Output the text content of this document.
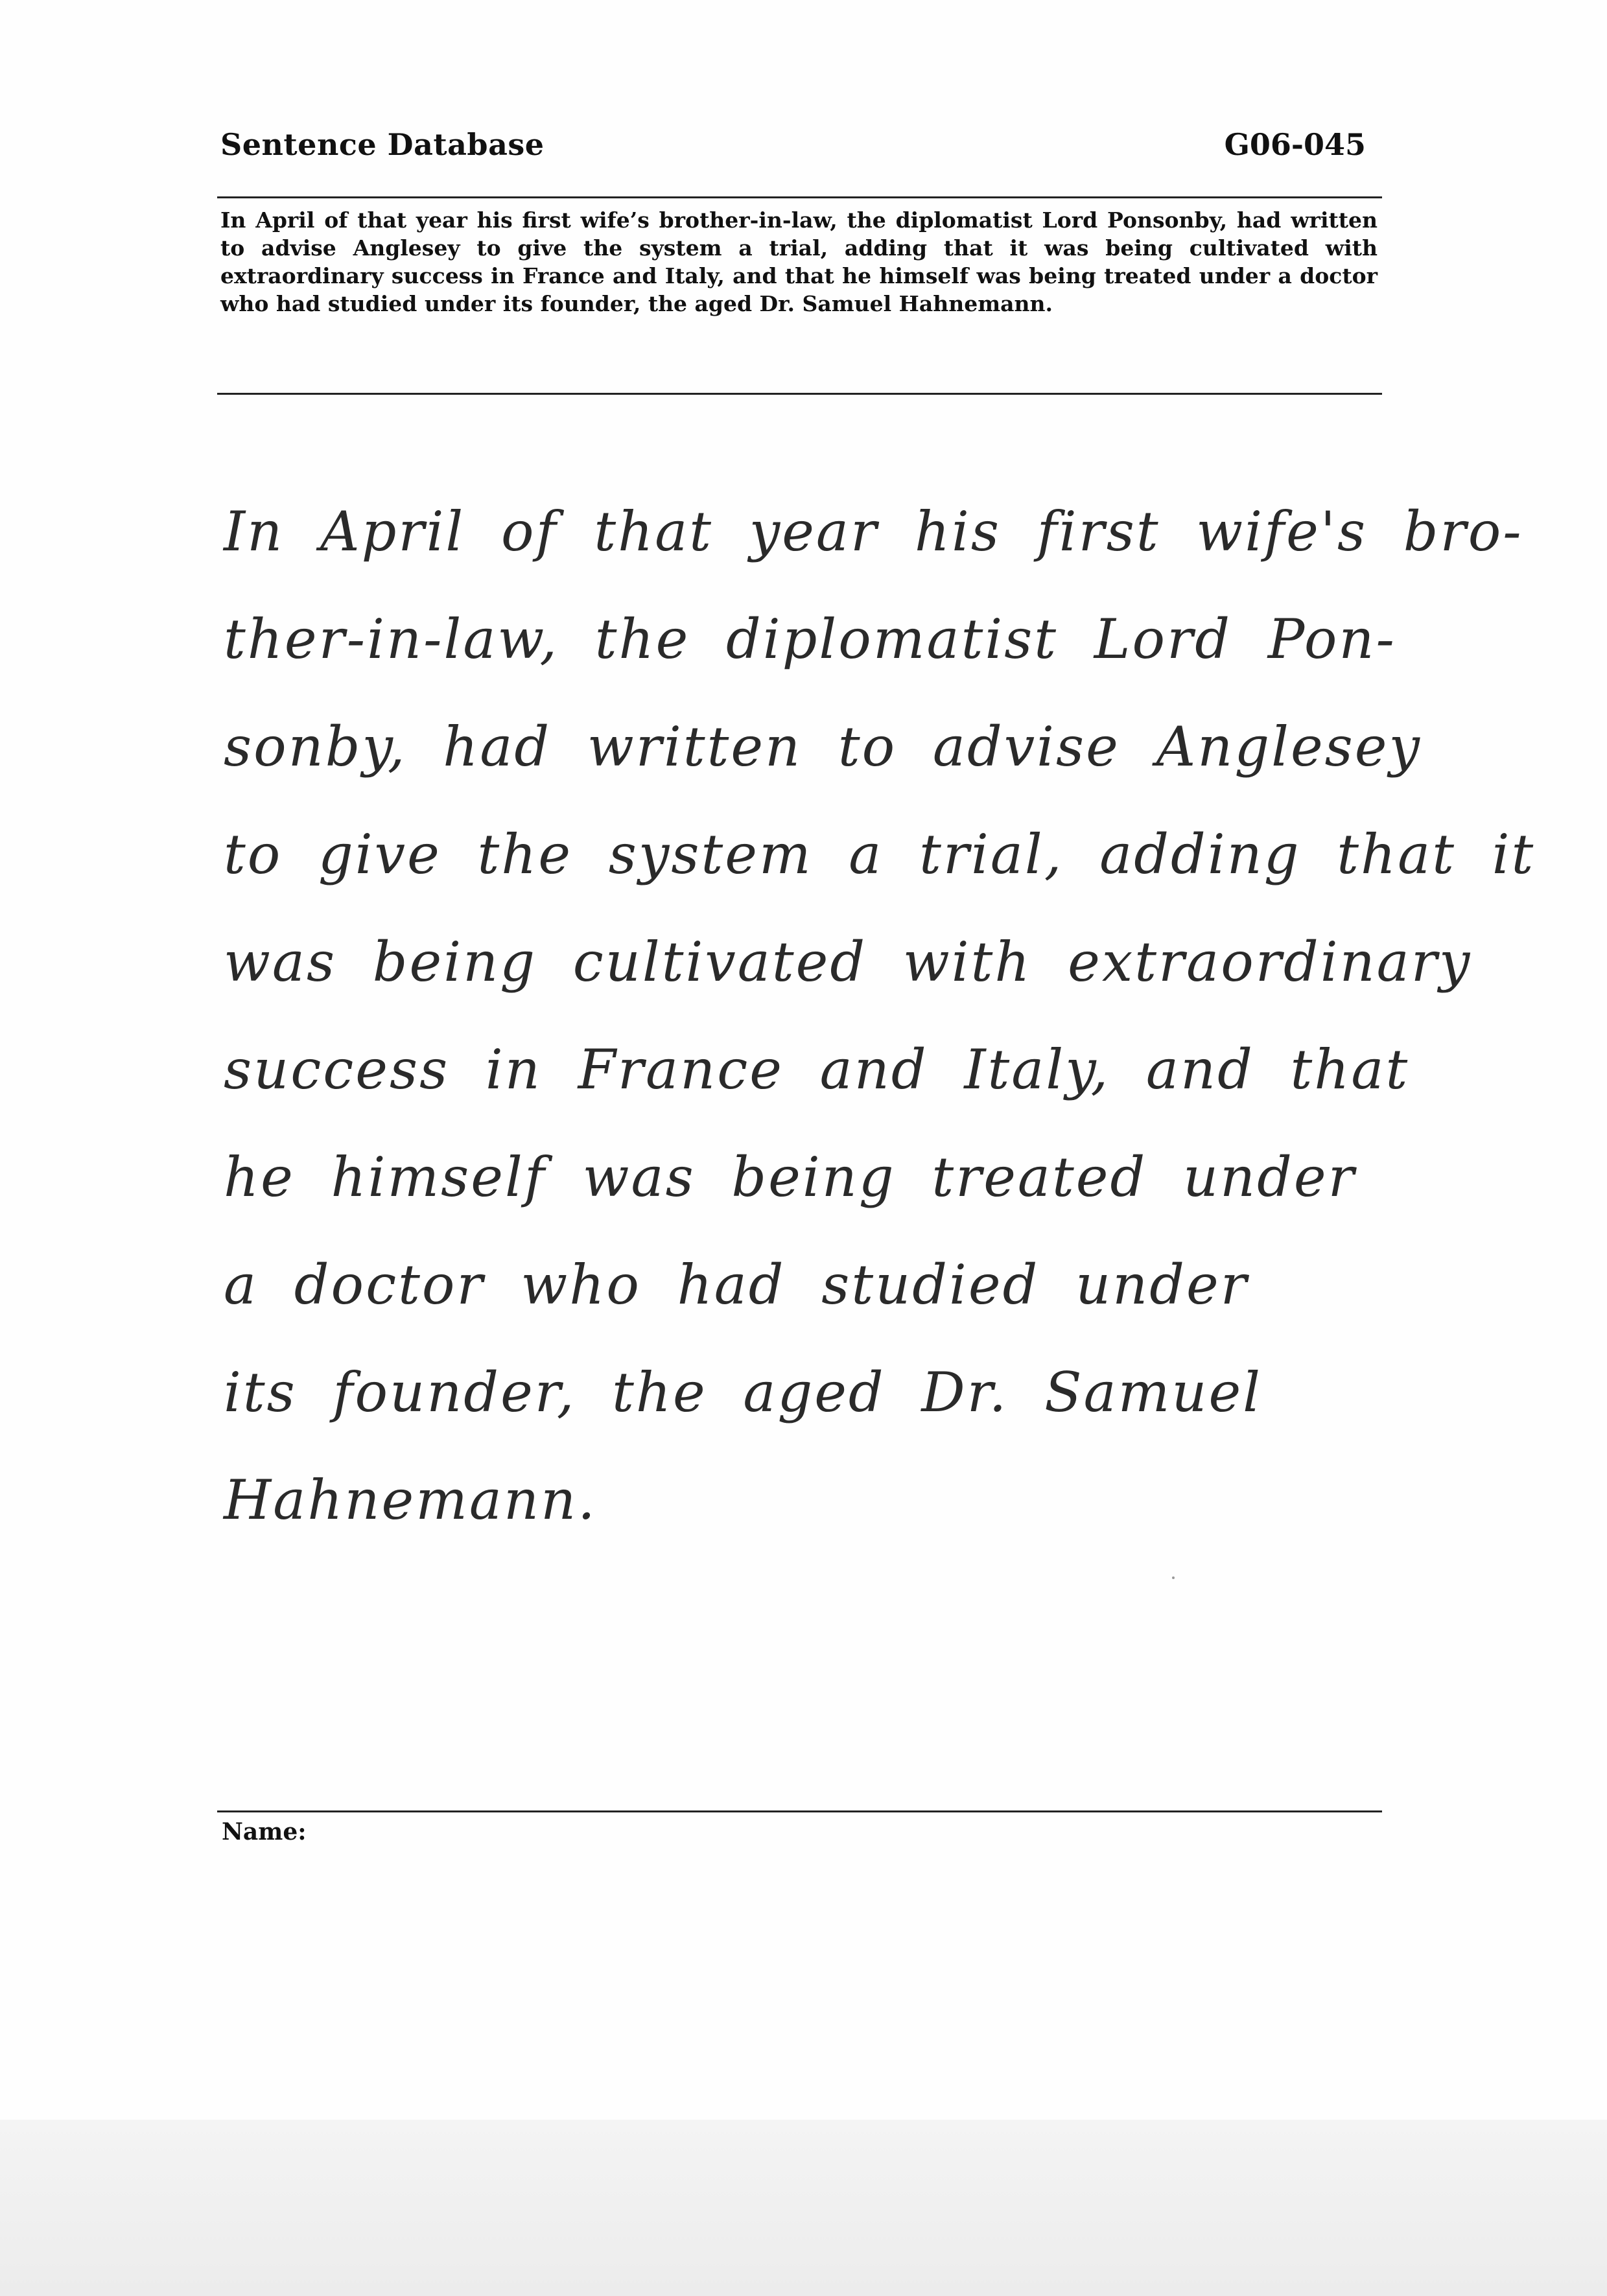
Sentence Database	G06-045
In April of that year his first wife’s brother-in-law, the diplomatist Lord Ponsonby, had written to advise Anglesey to give the system a trial, adding that it was being cultivated with extraordinary success in France and Italy, and that he himself was being treated under a doctor who had studied under its founder, the aged Dr. Samuel Hahnemann.
In April of that year his first wife's bro-
ther-in-law, the diplomatist Lord Pon-
sonby, had written to advise Anglesey
to give the system a trial, adding that it
was being cultivated with extraordinary
success in France and Italy, and that
he himself was being treated under
a doctor who had studied under
its founder, the aged Dr. Samuel
Hahnemann.
Name:
